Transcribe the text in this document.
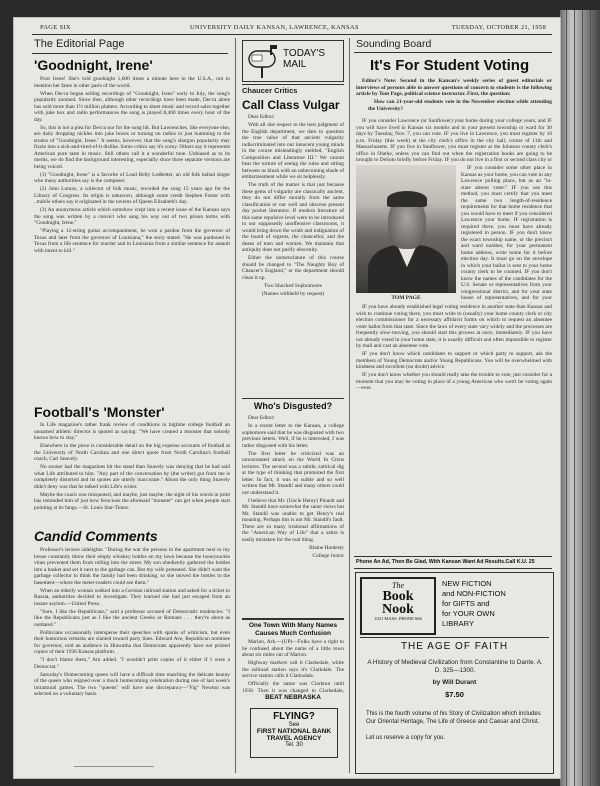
PAGE SIX	UNIVERSITY DAILY KANSAN, LAWRENCE, KANSAS	TUESDAY, OCTOBER 21, 1958
The Editorial Page
'Goodnight, Irene'

Poor Irene! She's told goodnight 1,600 times a minute here in the U.S.A., not to mention her fame in other parts of the world.

When Decca began selling recordings of "Goodnight, Irene" early in July, the song's popularity zoomed. Since then, although other recordings have been made, Decca alone has sold more than 1½ million platters. According to sheet music and record sales together with juke box and radio performances the song is played 8,400 times every hour of the day.

So, this is not a plea for Decca nor for the song hit. But Lawrencites, like everyone else, are daily dropping nickles into juke boxes or turning on radios or just humming to the strains of "Goodnight, Irene." It seems, however, that the song's shotgun popularity may fizzle into a sick-and-tired-of-it dislike. Some critics say it's corny. Others say it represents American pure taste in music. Still others call it a wonderful tune. Unbiased as to its merits, we do find the background interesting, especially since three separate versions are being voiced.

(1) "Goodnight, Irene" is a favorite of Lead Belly Ledbetter, an old folk ballad singer who many authorities say is the composer.

(2) John Lomax, a collector of folk music, recorded the song 15 years ago for the Library of Congress. Its origin is unknown, although some credit Stephen Foster with ..trabile others say it originated in the taverns of Queen Elizabeth's day.

(3) An anonymous article which somehow crept into a recent issue of the Kansan says the song was written by a convict who sang his way out of two prison terms with "Goodnight, Irene."

"Playing a 12-string guitar accompaniment, he won a pardon from the governor of Texas and later from the governor of Louisiana," the story stated. "He was pardoned in Texas from a life sentence for murder and in Louisiana from a similar sentence for assault with intent to kill."

Football's 'Monster'

In Life magazine's rather frank review of conditions in bigtime college football an unnamed athletic director is quoted as saying: "We have created a monster that nobody knows how to slay."

Elsewhere in the piece is considerable detail on the big expense accounts of football at the University of North Carolina and one direct quote from North Carolina's football coach, Carl Snavely.

No sooner had the magazines hit the stand than Snavely was denying that he had said what Life attributed to him. "Any part of the conversation by (the writer) got from me is completely distorted and its quotes are utterly inaccurate." About the only thing Snavely didn't deny was that he talked with Life's writer.

Maybe the coach was misquoted, and maybe, just maybe, the sight of his words in print has reminded him of just how ferocious the aforesaid "monster" can get when people start pointing at its fangs.—St. Louis Star-Times.

Candid Comments

Professor's lecture sidelights: "During the war the persons in the apartment next to my house constantly threw their empty whiskey bottles on my lawn because the honeysuckle vines prevented them from rolling into the street. My son obediently gathered the bottles into a basket and set it next to the garbage can. But my wife protested. She didn't want the garbage collector to think the family had been drinking, so she moved the bottles to the basement—where the meter-readers could see them."

When an elderly woman walked into a German railroad station and asked for a ticket to Russia, authorities decided to investigate. They learned she had just escaped from an insane asylum.—United Press.

"Sure, I like the Republicans," said a professor accused of Democratic tendencies. "I like the Republicans just as I like the ancient Greeks or Romans . . . they're about as outdated."

Politicians occasionally intersperse their speeches with sparks of witticism, but even their humorous remarks are slanted toward party lines. Edward Ave, Republican nominee for governor, told an audience in Hiawatha that Democrats apparently have not printed copies of their 1936 Kansas platform.

"I don't blame them," Arn added. "I wouldn't print copies of it either if I were a Democrat."

Saturday's Homecoming queen will have a difficult time matching the delicate beauty of the queen who reigned over a mock homecoming celebration during one of last week's intramural games. The two "queens" will have one discrepancy—"Fig" Newton was selected on a voluntary basis.

TODAY'S MAIL
Chaucer Critics
Call Class Vulgar

Dear Editor:

With all due respect to the best judgment of the English department, we dare to question the true value of that ancient vulgarity indiscriminated into our innocent young minds in the course misleadingly entitled, "English Composition and Literature III." We cannot bear the torture of seeing the rules and sitting between us blush with an unbecoming shade of embarrassment while we sit helplessly.

The truth of the matter is that just because these gems of vulgarity are classically ancient, they do not differ morally from the same classification or our well and obscene present day pocket literature. If modern literature of this same repulsive level were to be introduced to our supposedly unoffensive classrooms, it would bring down the wrath and indignation of the board of regents, the chancellor, and the deans of men and women. We maintain that antiquity does not purify obscenity.

Either the nomenclature of this course should be changed to "The Naughty Boy of Chaucer's England," or the department should clean it up.

Two Shocked Sophomores

(Names withheld by request)

Who's Disgusted?

Dear Editor:

In a recent letter to the Kansan, a college sophomore said that he was disgusted with two previous letters. Well, if he is interested, I was rather disgusted with his letter.

The first letter he criticized was an unwarranted attack on the World In Crisis lectures. The second was a subtle, satirical dig at the type of thinking that promoted the first letter. In fact, it was so subtle and so well written that Mr. Standil and many others could not understand it.

I believe that Mr. (Uncle Henry) Pinault and Mr. Standil have somewhat the same views but Mr. Standil was unable to get Henry's real meaning. Perhaps this is not Mr. Standil's fault. There are so many irrational affirmations of the "American Way of Life" that a satire is easily mistaken for the real thing.

Blaine Hardesty

College Junior

One Town With Many Names Causes Much Confusion

Marion, Ark.—(UP)—Folks have a right to be confused about the name of a little town about six miles out of Marion.

Highway markers call it Clarkedale, while the railroad station says it's Clarkdale. The service station calls it Clarksdale.

Officially the name was Clarkton until 1938. Then it was changed to Clarkedale,

BEAT NEBRASKA
FLYING?
See
FIRST NATIONAL BANK
TRAVEL AGENCY
Tel. 30
Sounding Board
It's For Student Voting

Editor's Note: Second in the Kansan's weekly series of guest editorials or interviews of persons able to answer questions of concern to students is the following article by Tom Page, political science instructor. First, the question:

How can 21-year-old students vote in the November election while attending the University?

IF you consider Lawrence (or Sunflower) your home during your college years, and IF you will have lived in Kansas six months and in your present township or ward for 30 days by Tuesday, Nov. 7, you can vote. IF you live in Lawrence, you must register by 10 p.m. Friday (this week) at the city clerk's office in the city hall, corner of 11th and Massachusetts. IF you live in Sunflower, you must register at the Johnson county clerk's office in Olathe, unless you can find out when the registration books are going to be brought to DeSoto briefly before Friday. IF you do not live in a first or second class city or

TOM PAGE

IF you consider some other place in Kansas as your home, you can vote in any Lawrence polling place, but as an "in-state absent voter." IF you use this method, you must certify that you meet the same two length-of-residence requirements for that home residence that you would have to meet if you considered Lawrence your home. IF registration is required there, you must have already registered in person. IF you don't know the exact township name, or the precinct and ward number, for your permanent home address, write home for it before election day. It must go on the envelope in which your ballot is sent to your home county clerk to be counted. IF you don't know the names of the candidates for the U.S. Senate or representatives from your congressional district, and for your state house of representatives, and for your

IF you have already established legal voting residence in another state than Kansas and wish to continue voting there, you must write to (usually) your home county clerk or city election commissioner for a necessary affidavit forms on which to request an absentee voter ballot from that state. Since the laws of every state vary widely and the processes are frequently slow-moving, you should start this process at once, immediately. IF you have not already voted in your home state, it is usually difficult and often impossible to register by mail and cast an absentee vote.

IF you don't know which candidates to support or which party to support, ask the members of Young Democrats and/or Young Republicans. You will be overwhelmed with kindness and excellent (no doubt) advice.

IF you don't know whether you should really take the trouble to vote, just consider for a moment that you may be voting in place of a young American who won't be voting again—ever.

Phone An Ad, Then Be Glad, With Kansan Want Ad Results.Call K.U. 25
The
Book
Nook
1021 MASS. PHONE 666
NEW FICTION
and NON-FICTION
for GIFTS and
for YOUR OWN
LIBRARY
THE AGE OF FAITH
A History of Medieval Civilization from Constantine to Dante. A. D. 325—1300.
by Will Durant
$7.50
This is the fourth volume of his Story of Civilization which includes Our Oriental Heritage, The Life of Greece and Caesar and Christ.
Let us reserve a copy for you.
